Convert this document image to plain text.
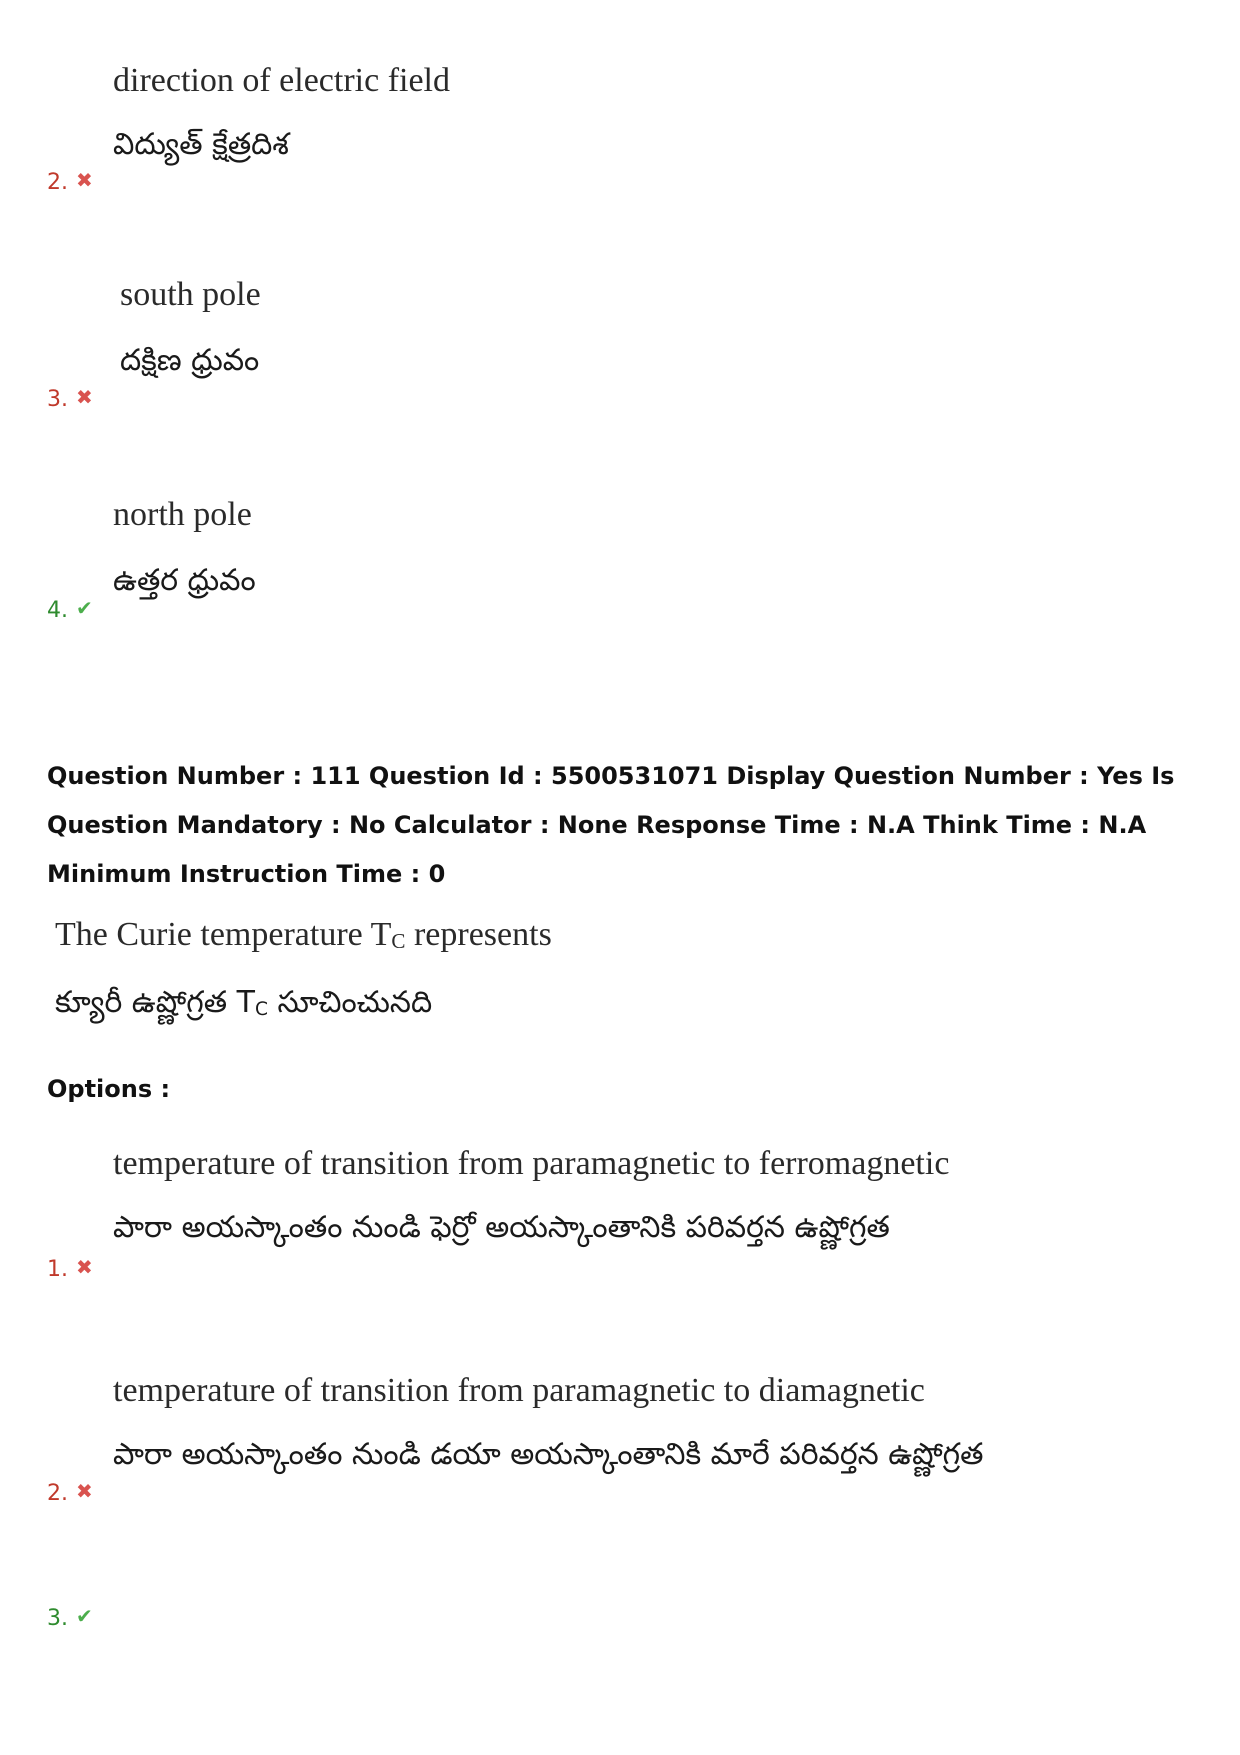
direction of electric field
విద్యుత్ క్షేత్రదిశ
2. ✖
south pole
దక్షిణ ధ్రువం
3. ✖
north pole
ఉత్తర ధ్రువం
4. ✔
Question Number : 111 Question Id : 5500531071 Display Question Number : Yes Is Question Mandatory : No Calculator : None Response Time : N.A Think Time : N.A Minimum Instruction Time : 0
The Curie temperature $T_C$ represents
క్యూరీ ఉష్ణోగ్రత $T_C$ సూచించునది
Options :
temperature of transition from paramagnetic to ferromagnetic
పారా అయస్కాంతం నుండి ఫెర్రో అయస్కాంతానికి పరివర్తన ఉష్ణోగ్రత
1. ✖
temperature of transition from paramagnetic to diamagnetic
పారా అయస్కాంతం నుండి డయా అయస్కాంతానికి మారే పరివర్తన ఉష్ణోగ్రత
2. ✖
3. ✔
